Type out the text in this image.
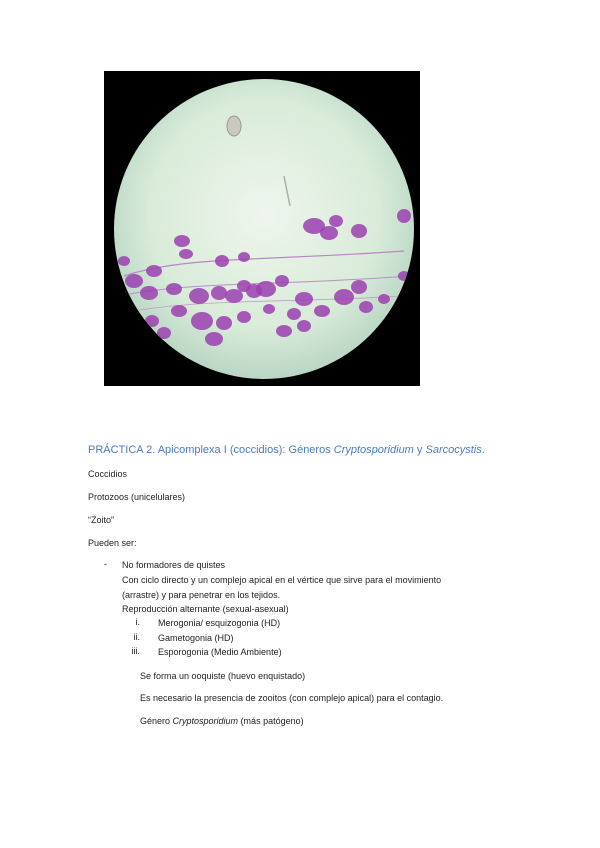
PRÁCTICA 2. Apicomplexa I (coccidios): Géneros Cryptosporidium y Sarcocystis.
Coccidios
Protozoos (unicelulares)
“Zoito”
Pueden ser:
- No formadores de quistes
Con ciclo directo y un complejo apical en el vértice que sirve para el movimiento
(arrastre) y para penetrar en los tejidos.
Reproducción alternante (sexual-asexual)
i. Merogonia/ esquizogonia (HD)
ii. Gametogonia (HD)
iii. Esporogonia (Medio Ambiente)
Se forma un ooquiste (huevo enquistado)
Es necesario la presencia de zooitos (con complejo apical) para el contagio.
Género Cryptosporidium (más patógeno)
